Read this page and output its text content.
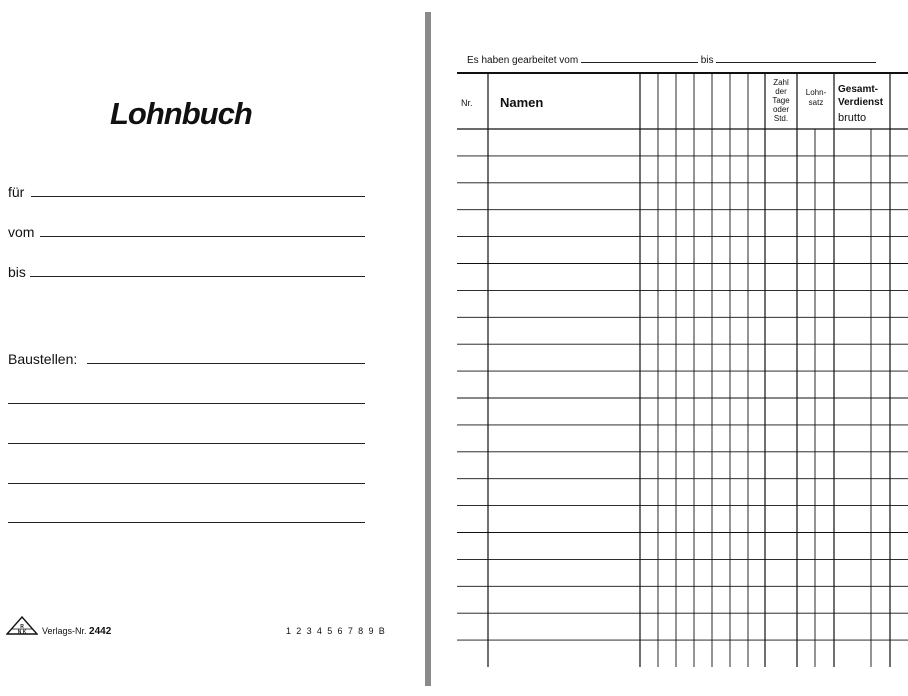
Lohnbuch
für
vom
bis
Baustellen:
R
N K Verlags-Nr. 2442	1 2 3 4 5 6 7 8 9 B
Es haben gearbeitet vom	bis
Nr. Namen
Zahl
der
Tage
oder
Std.
Lohn-
satz
Gesamt-
Verdienst
brutto
